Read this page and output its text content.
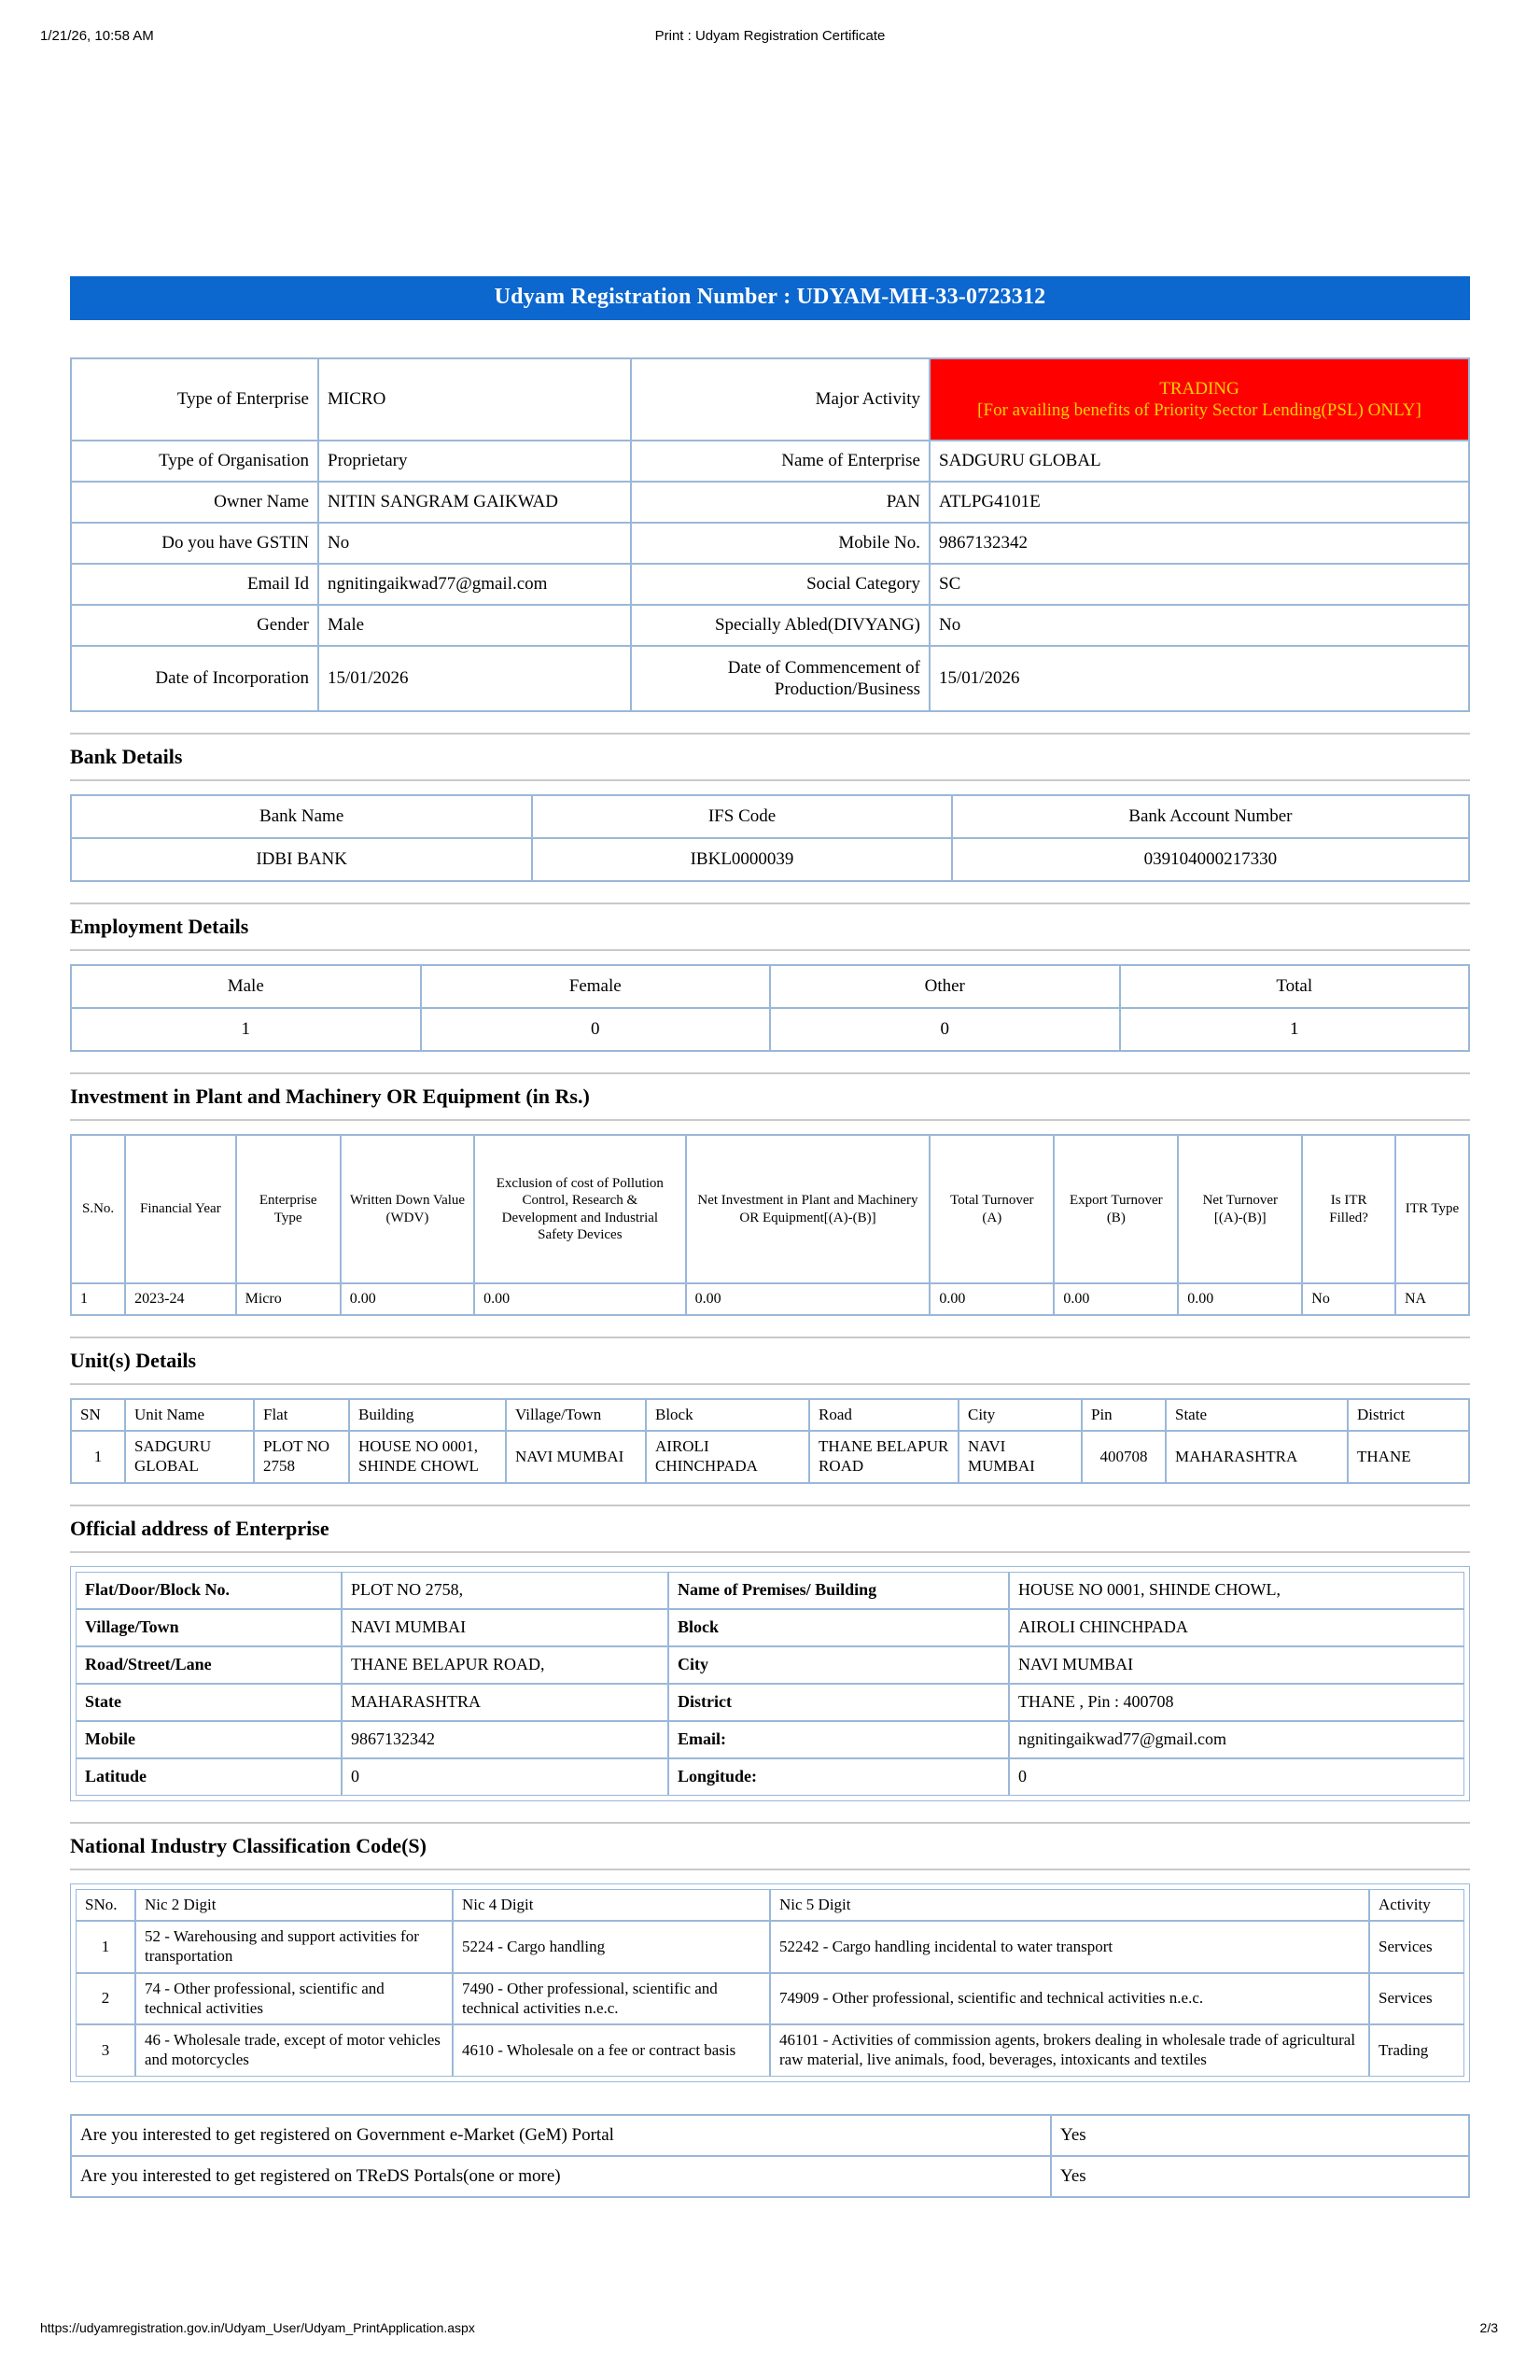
1/21/26, 10:58 AM	Print : Udyam Registration Certificate
Udyam Registration Number : UDYAM-MH-33-0723312
Type of Enterprise	MICRO	Major Activity	TRADING
[For availing benefits of Priority Sector Lending(PSL) ONLY]

Type of Organisation	Proprietary	Name of Enterprise	SADGURU GLOBAL
Owner Name	NITIN SANGRAM GAIKWAD	PAN	ATLPG4101E
Do you have GSTIN	No	Mobile No.	9867132342
Email Id	ngnitingaikwad77@gmail.com	Social Category	SC
Gender	Male	Specially Abled(DIVYANG)	No
Date of Incorporation	15/01/2026	Date of Commencement of Production/Business	15/01/2026
Bank Details
Bank Name	IFS Code	Bank Account Number
IDBI BANK	IBKL0000039	039104000217330
Employment Details
Male	Female	Other	Total
1	0	0	1
Investment in Plant and Machinery OR Equipment (in Rs.)
S.No.	Financial Year	Enterprise Type	Written Down Value (WDV)	Exclusion of cost of Pollution Control, Research & Development and Industrial Safety Devices	Net Investment in Plant and Machinery OR Equipment[(A)-(B)]	Total Turnover (A)	Export Turnover (B)	Net Turnover [(A)-(B)]	Is ITR Filled?	ITR Type
1	2023-24	Micro	0.00	0.00	0.00	0.00	0.00	0.00	No	NA
Unit(s) Details
SN	Unit Name	Flat	Building	Village/Town	Block	Road	City	Pin	State	District
1	SADGURU GLOBAL	PLOT NO 2758	HOUSE NO 0001, SHINDE CHOWL	NAVI MUMBAI	AIROLI CHINCHPADA	THANE BELAPUR ROAD	NAVI MUMBAI	400708	MAHARASHTRA	THANE
Official address of Enterprise
Flat/Door/Block No.	PLOT NO 2758,	Name of Premises/ Building	HOUSE NO 0001, SHINDE CHOWL,
Village/Town	NAVI MUMBAI	Block	AIROLI CHINCHPADA
Road/Street/Lane	THANE BELAPUR ROAD,	City	NAVI MUMBAI
State	MAHARASHTRA	District	THANE , Pin : 400708
Mobile	9867132342	Email:	ngnitingaikwad77@gmail.com
Latitude	0	Longitude:	0
National Industry Classification Code(S)
SNo.	Nic 2 Digit	Nic 4 Digit	Nic 5 Digit	Activity
1	52 - Warehousing and support activities for transportation	5224 - Cargo handling	52242 - Cargo handling incidental to water transport	Services
2	74 - Other professional, scientific and technical activities	7490 - Other professional, scientific and technical activities n.e.c.	74909 - Other professional, scientific and technical activities n.e.c.	Services
3	46 - Wholesale trade, except of motor vehicles and motorcycles	4610 - Wholesale on a fee or contract basis	46101 - Activities of commission agents, brokers dealing in wholesale trade of agricultural raw material, live animals, food, beverages, intoxicants and textiles	Trading
Are you interested to get registered on Government e-Market (GeM) Portal	Yes
Are you interested to get registered on TReDS Portals(one or more)	Yes
https://udyamregistration.gov.in/Udyam_User/Udyam_PrintApplication.aspx	2/3
